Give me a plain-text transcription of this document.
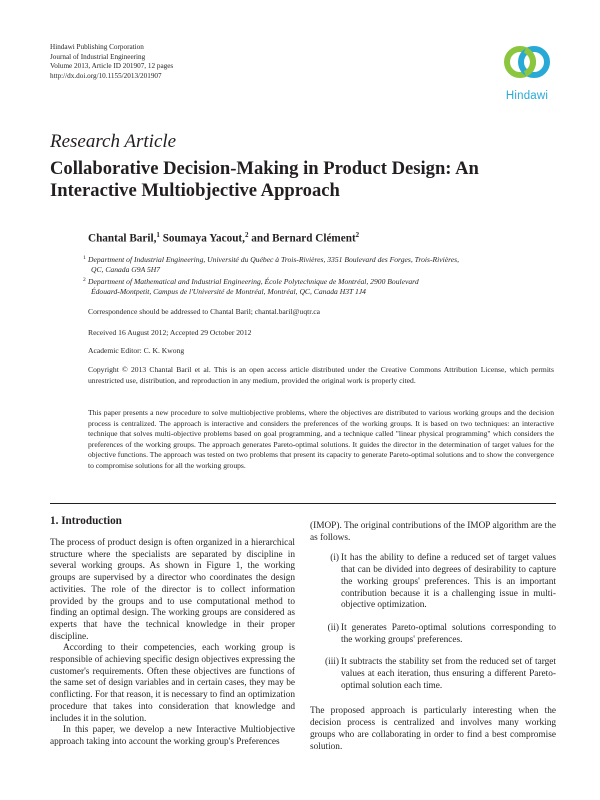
Hindawi Publishing Corporation
Journal of Industrial Engineering
Volume 2013, Article ID 201907, 12 pages
http://dx.doi.org/10.1155/2013/201907
Hindawi
Research Article
Collaborative Decision-Making in Product Design: An Interactive Multiobjective Approach
Chantal Baril,$^1$ Soumaya Yacout,$^2$ and Bernard Clément$^2$
1 Department of Industrial Engineering, Université du Québec à Trois-Rivières, 3351 Boulevard des Forges, Trois-Rivières,
QC, Canada G9A 5H7
2 Department of Mathematical and Industrial Engineering, École Polytechnique de Montréal, 2900 Boulevard
Édouard-Montpetit, Campus de l'Université de Montréal, Montréal, QC, Canada H3T 1J4
Correspondence should be addressed to Chantal Baril; chantal.baril@uqtr.ca
Received 16 August 2012; Accepted 29 October 2012
Academic Editor: C. K. Kwong
Copyright © 2013 Chantal Baril et al. This is an open access article distributed under the Creative Commons Attribution License, which permits unrestricted use, distribution, and reproduction in any medium, provided the original work is properly cited.
This paper presents a new procedure to solve multiobjective problems, where the objectives are distributed to various working groups and the decision process is centralized. The approach is interactive and considers the preferences of the working groups. It is based on two techniques: an interactive technique that solves multi-objective problems based on goal programming, and a technique called "linear physical programming" which considers the preferences of the working groups. The approach generates Pareto-optimal solutions. It guides the director in the determination of target values for the objective functions. The approach was tested on two problems that present its capacity to generate Pareto-optimal solutions and to show the convergence to compromise solutions for all the working groups.
1. Introduction

The process of product design is often organized in a hierarchical structure where the specialists are separated by discipline in several working groups. As shown in Figure 1, the working groups are supervised by a director who coordinates the design activities. The role of the director is to collect information provided by the groups and to use computational method to finding an optimal design. The working groups are considered as experts that have the technical knowledge in their proper discipline.

According to their competencies, each working group is responsible of achieving specific design objectives expressing the customer's requirements. Often these objectives are functions of the same set of design variables and in certain cases, they may be conflicting. For that reason, it is necessary to find an optimization procedure that takes into consideration that knowledge and includes it in the solution.

In this paper, we develop a new Interactive Multiobjective approach taking into account the working group's Preferences

(IMOP). The original contributions of the IMOP algorithm are the as follows.

(i) It has the ability to define a reduced set of target values that can be divided into degrees of desirability to capture the working groups' preferences. This is an important contribution because it is a challenging issue in multi-objective optimization.

(ii) It generates Pareto-optimal solutions corresponding to the working groups' preferences.

(iii) It subtracts the stability set from the reduced set of target values at each iteration, thus ensuring a different Pareto-optimal solution each time.

The proposed approach is particularly interesting when the decision process is centralized and involves many working groups who are collaborating in order to find a best compromise solution.
